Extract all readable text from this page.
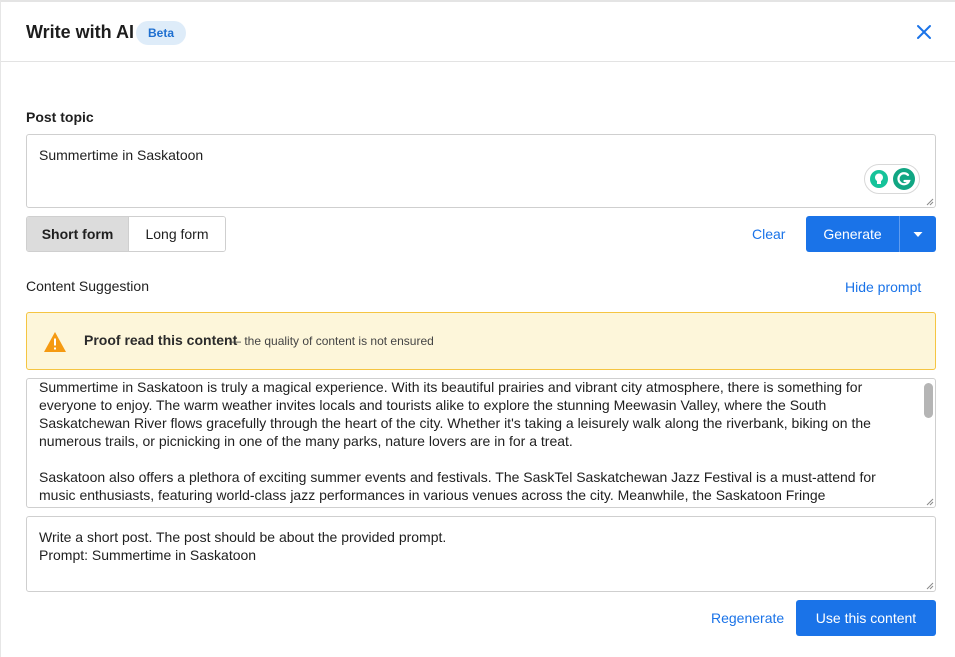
Write with AI	Beta
Post topic
Summertime in Saskatoon
Short form	Long form	Clear	Generate
Content Suggestion	Hide prompt
Proof read this content
— the quality of content is not ensured

Summertime in Saskatoon is truly a magical experience. With its beautiful prairies and vibrant city atmosphere, there is something for everyone to enjoy. The warm weather invites locals and tourists alike to explore the stunning Meewasin Valley, where the South Saskatchewan River flows gracefully through the heart of the city. Whether it's taking a leisurely walk along the riverbank, biking on the numerous trails, or picnicking in one of the many parks, nature lovers are in for a treat.

Saskatoon also offers a plethora of exciting summer events and festivals. The SaskTel Saskatchewan Jazz Festival is a must-attend for music enthusiasts, featuring world-class jazz performances in various venues across the city. Meanwhile, the Saskatoon Fringe

Write a short post. The post should be about the provided prompt.
Prompt: Summertime in Saskatoon
Regenerate	Use this content
